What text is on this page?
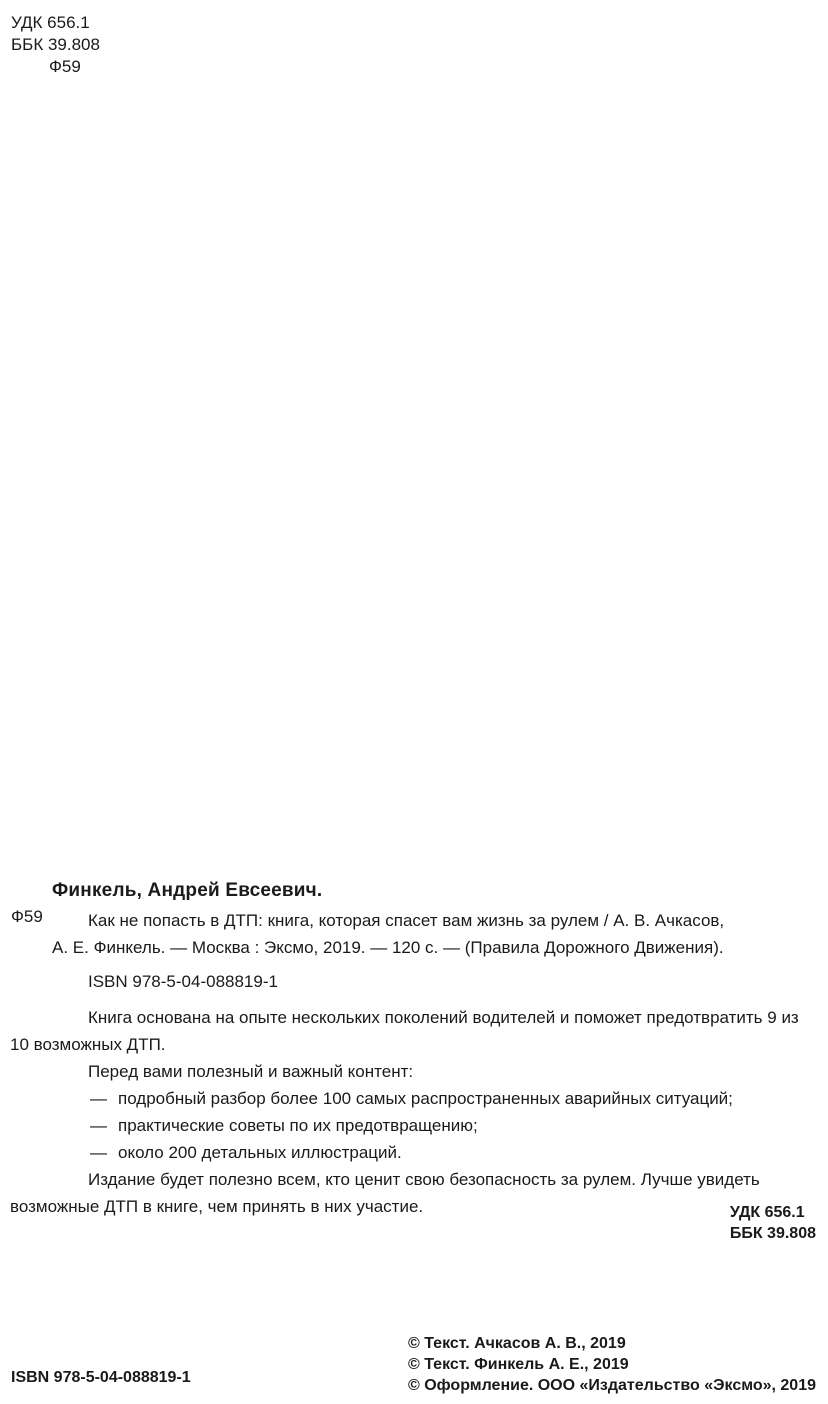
УДК 656.1
ББК 39.808
Ф59
Финкель, Андрей Евсеевич.
Ф59	Как не попасть в ДТП: книга, которая спасет вам жизнь за рулем / А. В. Ачкасов,
А. Е. Финкель. — Москва : Эксмо, 2019. — 120 с. — (Правила Дорожного Движения).
ISBN 978-5-04-088819-1
Книга основана на опыте нескольких поколений водителей и поможет предотвратить 9 из
10 возможных ДТП.
Перед вами полезный и важный контент:
— подробный разбор более 100 самых распространенных аварийных ситуаций;
— практические советы по их предотвращению;
— около 200 детальных иллюстраций.
Издание будет полезно всем, кто ценит свою безопасность за рулем. Лучше увидеть
возможные ДТП в книге, чем принять в них участие.	УДК 656.1
ББК 39.808
ISBN 978-5-04-088819-1
© Текст. Ачкасов А. В., 2019
© Текст. Финкель А. Е., 2019
© Оформление. ООО «Издательство «Эксмо», 2019
